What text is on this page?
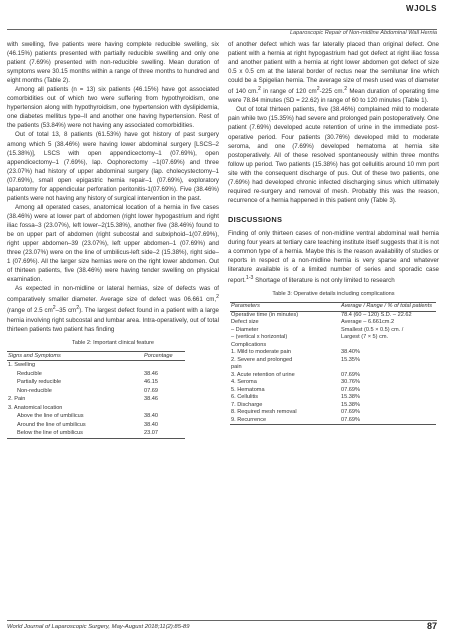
WJOLS
Laparoscopic Repair of Non-midline Abdominal Wall Hernia

with swelling, five patients were having complete reducible swelling, six (46.15%) patients presented with partially reducible swelling and only one patient (7.69%) presented with non-reducible swelling. Mean duration of symptoms were 30.15 months within a range of three months to hundred and eight months (Table 2).

Among all patients (n = 13) six patients (46.15%) have got associated comorbidities out of which two were suffering from hypothyroidism, one hypertension along with hypothyroidism, one hypertension with dyslipidemia, one diabetes mellitus type–II and another one having hypertension. Rest of the patients (53.84%) were not having any associated comorbidities.

Out of total 13, 8 patients (61.53%) have got history of past surgery among which 5 (38.46%) were having lower abdominal surgery [LSCS–2 (15.38%)], LSCS with open appendicectomy–1 (07.69%), open appendicectomy–1 (7.69%), lap. Oophorectomy –1(07.69%) and three (23.07%) had history of upper abdominal surgery (lap. cholecystectomy–1 (07.69%), small open epigastric hernia repair–1 (07.69%), exploratory laparotomy for appendicular perforation peritonitis-1(07.69%). Five (38.46%) patients were not having any history of surgical intervention in the past.

Among all operated cases, anatomical location of a hernia in five cases (38.46%) were at lower part of abdomen (right lower hypogastrium and right iliac fossa–3 (23.07%), left lower–2(15.38%), another five (38.46%) found to be on upper part of abdomen (right subcostal and subxiphoid–1(07.69%), right upper abdomen–39 (23.07%), left upper abdomen–1 (07.69%) and three (23.07%) were on the line of umbilicus-left side–2 (15.38%), right side–1 (07.69%). All the larger size hernias were on the right lower abdomen. Out of thirteen patients, five (38.46%) were having tender swelling on physical examination.

As expected in non-midline or lateral hernias, size of defects was of comparatively smaller diameter. Average size of defect was 06.661 cm,$^2$ (range of 2.5 $cm^2-35$ $cm^2$). The largest defect found in a patient with a large hernia involving right subcostal and lumbar area. Intra-operatively, out of total thirteen patients two patient has finding

Table 2: Important clinical feature
Signs and Symptoms	Porcentage
1. Swelling	
Reducible	38.46
Partially reducible	46.15
Non-reducible	07.69
2. Pain	38.46
3. Anatomical location	
Above the line of umbilicus	38.40
Around the line of umbilicus	38.40
Below the line of umbilicus	23.07

of another defect which was far laterally placed than original defect. One patient with a hernia at right hypogastrium had got defect at right iliac fossa and another patient with a hernia at right lower abdomen got defect of size 0.5 x 0.5 cm at the lateral border of rectus near the semilunar line which could be a Spigelian hernia. The average size of mesh used was of diameter of 140 cm.$^2$ in range of 120 $cm^2-225$ cm.$^2$ Mean duration of operating time were 78.84 minutes (SD = 22.62) in range of 60 to 120 minutes (Table 1).

Out of total thirteen patients, five (38.46%) complained mild to moderate pain while two (15.35%) had severe and prolonged pain postoperatively. One patient (7.69%) developed acute retention of urine in the immediate post-operative period. Four patients (30.76%) developed mild to moderate seroma, and one (7.69%) developed hematoma at hernia site postoperatively. All of these resolved spontaneously within three months follow up period. Two patients (15.38%) has got cellulitis around 10 mm port site with the consequent discharge of pus. Out of these two patients, one (7.69%) had developed chronic infected discharging sinus which ultimately required re-surgery and removal of mesh. Probably this was the reason, recurrence of a hernia happened in this patient only (Table 3).

DISCUSSIONS

Finding of only thirteen cases of non-midline ventral abdominal wall hernia during four years at tertiary care teaching institute itself suggests that it is not a common type of a hernia. Maybe this is the reason availability of studies or reports in respect of a non-midline hernia is very sparse and whatever literature available is of a limited number of series and sporadic case report.$^{1-3}$ Shortage of literature is not only limited to research

Table 3: Operative details including complications
Parameters	Average / Range / % of total patients
Operative time (in minutes)	78.4 (60 – 120) S.D. – 22.62
Defect size	Average – 6.661cm.2
– Diameter	Smallest (0.5 × 0.5) cm. /
– (vertical x horizontal)	Largest (7 × 5) cm.
Complications	
1. Mild to moderate pain	38.40%
2. Severe and prolonged	15.35%
pain	
3. Acute retention of urine	07.69%
4. Seroma	30.76%
5. Hematoma	07.69%
6. Cellulitis	15.38%
7. Discharge	15.38%
8. Required mesh removal	07.69%
9. Recurrence	07.69%
World Journal of Laparoscopic Surgery, May-August 2018;11(2):85-89	87
